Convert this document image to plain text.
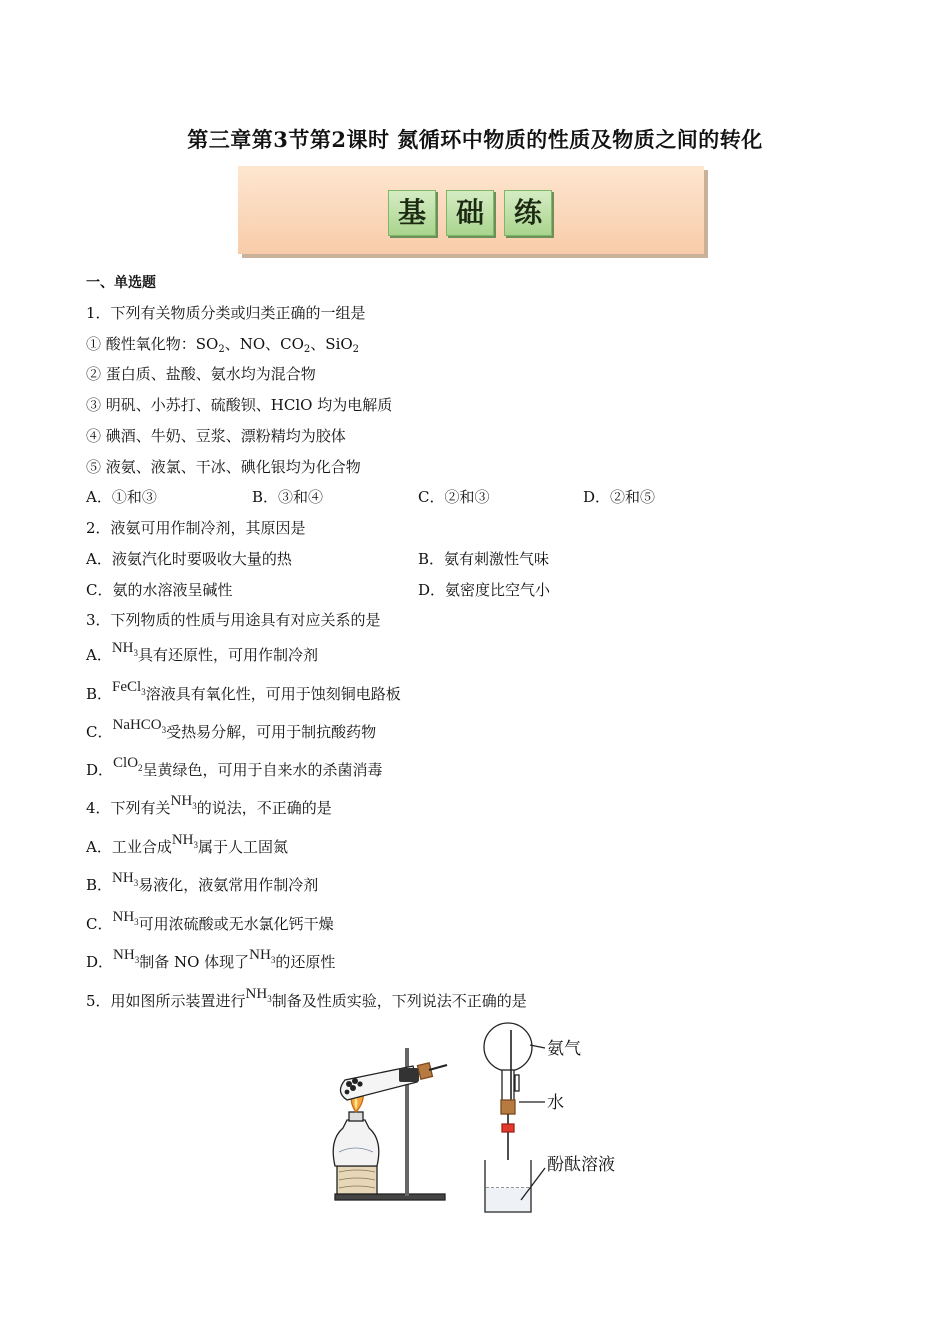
第三章第3节第2课时 氮循环中物质的性质及物质之间的转化
基	础	练
一、单选题
1．下列有关物质分类或归类正确的一组是
① 酸性氧化物：$SO_2$、NO、$CO_2$、SiO$_2$
② 蛋白质、盐酸、氨水均为混合物
③ 明矾、小苏打、硫酸钡、HClO 均为电解质
④ 碘酒、牛奶、豆浆、漂粉精均为胶体
⑤ 液氨、液氯、干冰、碘化银均为化合物
A．①和③	B．③和④	C．②和③	D．②和⑤
2．液氨可用作制冷剂，其原因是
A．液氨汽化时要吸收大量的热	B．氨有刺激性气味
C．氨的水溶液呈碱性	D．氨密度比空气小
3．下列物质的性质与用途具有对应关系的是
A．$NH_3$具有还原性，可用作制冷剂
B．FeCl$_3$溶液具有氧化性，可用于蚀刻铜电路板
C．NaHCO$_3$受热易分解，可用于制抗酸药物
D．ClO$_2$呈黄绿色，可用于自来水的杀菌消毒
4．下列有关$NH_3$的说法，不正确的是
A．工业合成$NH_3$属于人工固氮
B．$NH_3$易液化，液氨常用作制冷剂
C．$NH_3$可用浓硫酸或无水氯化钙干燥
D．$NH_3$制备 NO 体现了$NH_3$的还原性
5．用如图所示装置进行$NH_3$制备及性质实验，下列说法不正确的是
氨气
水
酚酞溶液
